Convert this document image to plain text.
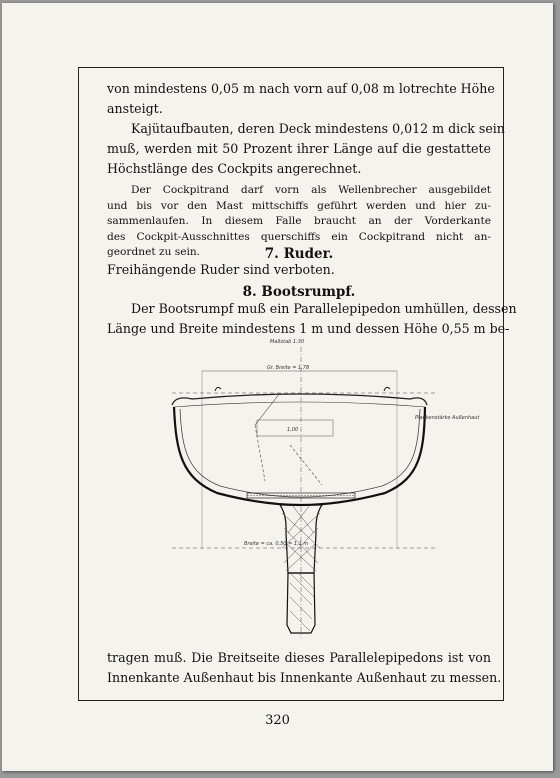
von mindestens 0,05 m nach vorn auf 0,08 m lotrechte Höhe
ansteigt.

Kajütaufbauten, deren Deck mindestens 0,012 m dick sein
muß, werden mit 50 Prozent ihrer Länge auf die gestattete
Höchstlänge des Cockpits angerechnet.

Der Cockpitrand darf vorn als Wellenbrecher ausgebildet
und bis vor den Mast mittschiffs geführt werden und hier zu-
sammenlaufen. In diesem Falle braucht an der Vorderkante
des Cockpit-Ausschnittes querschiffs ein Cockpitrand nicht an-
geordnet zu sein.	7. Ruder.

Freihängende Ruder sind verboten.

8. Bootsrumpf.

Der Bootsrumpf muß ein Parallelepipedon umhüllen, dessen
Länge und Breite mindestens 1 m und dessen Höhe 0,55 m be-

Maßstab 1:30
Gr. Breite = 1,78
1,00
Plankenstärke Außenhaut
Breite = ca. 0,50 = 1,1 m

tragen muß. Die Breitseite dieses Parallelepipedons ist von
Innenkante Außenhaut bis Innenkante Außenhaut zu messen.

320
